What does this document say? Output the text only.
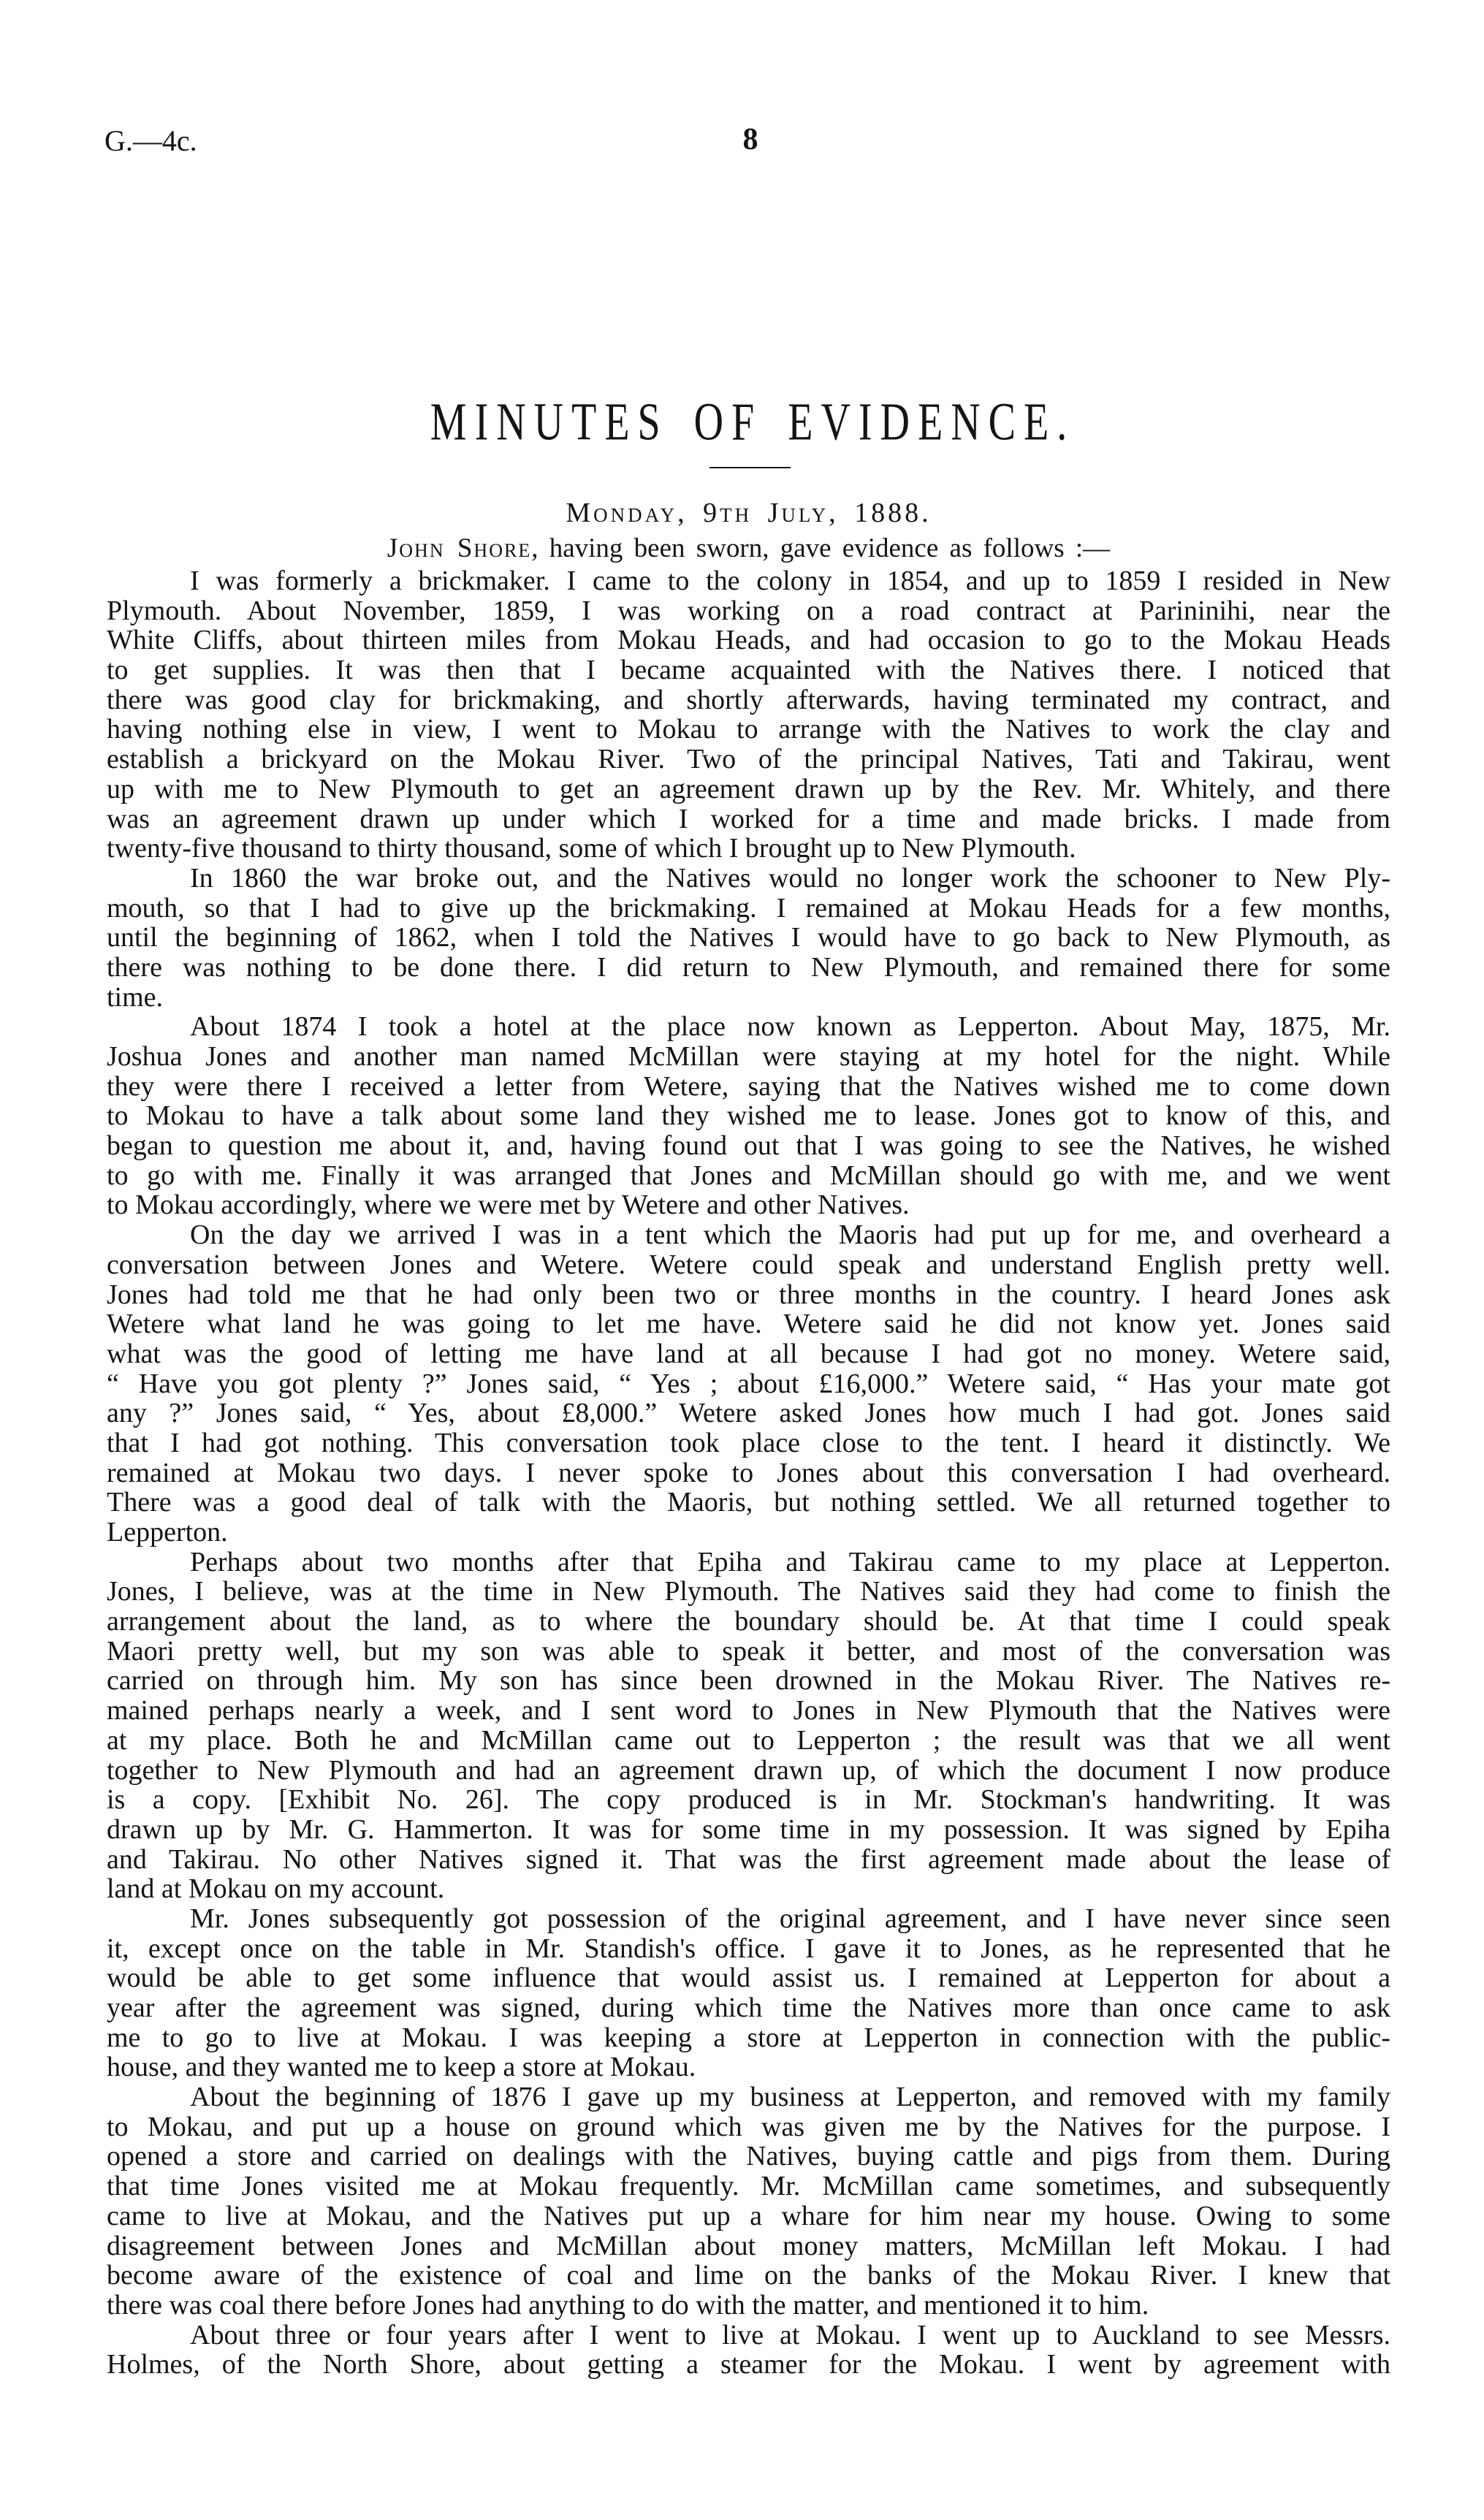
G.—4c.	8
MINUTES OF EVIDENCE.
Monday, 9th July, 1888.
John Shore, having been sworn, gave evidence as follows :—
I was formerly a brickmaker. I came to the colony in 1854, and up to 1859 I resided in New
Plymouth. About November, 1859, I was working on a road contract at Parininihi, near the
White Cliffs, about thirteen miles from Mokau Heads, and had occasion to go to the Mokau Heads
to get supplies. It was then that I became acquainted with the Natives there. I noticed that
there was good clay for brickmaking, and shortly afterwards, having terminated my contract, and
having nothing else in view, I went to Mokau to arrange with the Natives to work the clay and
establish a brickyard on the Mokau River. Two of the principal Natives, Tati and Takirau, went
up with me to New Plymouth to get an agreement drawn up by the Rev. Mr. Whitely, and there
was an agreement drawn up under which I worked for a time and made bricks. I made from
twenty-five thousand to thirty thousand, some of which I brought up to New Plymouth.
In 1860 the war broke out, and the Natives would no longer work the schooner to New Ply-
mouth, so that I had to give up the brickmaking. I remained at Mokau Heads for a few months,
until the beginning of 1862, when I told the Natives I would have to go back to New Plymouth, as
there was nothing to be done there. I did return to New Plymouth, and remained there for some
time.
About 1874 I took a hotel at the place now known as Lepperton. About May, 1875, Mr.
Joshua Jones and another man named McMillan were staying at my hotel for the night. While
they were there I received a letter from Wetere, saying that the Natives wished me to come down
to Mokau to have a talk about some land they wished me to lease. Jones got to know of this, and
began to question me about it, and, having found out that I was going to see the Natives, he wished
to go with me. Finally it was arranged that Jones and McMillan should go with me, and we went
to Mokau accordingly, where we were met by Wetere and other Natives.
On the day we arrived I was in a tent which the Maoris had put up for me, and overheard a
conversation between Jones and Wetere. Wetere could speak and understand English pretty well.
Jones had told me that he had only been two or three months in the country. I heard Jones ask
Wetere what land he was going to let me have. Wetere said he did not know yet. Jones said
what was the good of letting me have land at all because I had got no money. Wetere said,
“ Have you got plenty ?” Jones said, “ Yes ; about £16,000.” Wetere said, “ Has your mate got
any ?” Jones said, “ Yes, about £8,000.” Wetere asked Jones how much I had got. Jones said
that I had got nothing. This conversation took place close to the tent. I heard it distinctly. We
remained at Mokau two days. I never spoke to Jones about this conversation I had overheard.
There was a good deal of talk with the Maoris, but nothing settled. We all returned together to
Lepperton.
Perhaps about two months after that Epiha and Takirau came to my place at Lepperton.
Jones, I believe, was at the time in New Plymouth. The Natives said they had come to finish the
arrangement about the land, as to where the boundary should be. At that time I could speak
Maori pretty well, but my son was able to speak it better, and most of the conversation was
carried on through him. My son has since been drowned in the Mokau River. The Natives re-
mained perhaps nearly a week, and I sent word to Jones in New Plymouth that the Natives were
at my place. Both he and McMillan came out to Lepperton ; the result was that we all went
together to New Plymouth and had an agreement drawn up, of which the document I now produce
is a copy. [Exhibit No. 26]. The copy produced is in Mr. Stockman's handwriting. It was
drawn up by Mr. G. Hammerton. It was for some time in my possession. It was signed by Epiha
and Takirau. No other Natives signed it. That was the first agreement made about the lease of
land at Mokau on my account.
Mr. Jones subsequently got possession of the original agreement, and I have never since seen
it, except once on the table in Mr. Standish's office. I gave it to Jones, as he represented that he
would be able to get some influence that would assist us. I remained at Lepperton for about a
year after the agreement was signed, during which time the Natives more than once came to ask
me to go to live at Mokau. I was keeping a store at Lepperton in connection with the public-
house, and they wanted me to keep a store at Mokau.
About the beginning of 1876 I gave up my business at Lepperton, and removed with my family
to Mokau, and put up a house on ground which was given me by the Natives for the purpose. I
opened a store and carried on dealings with the Natives, buying cattle and pigs from them. During
that time Jones visited me at Mokau frequently. Mr. McMillan came sometimes, and subsequently
came to live at Mokau, and the Natives put up a whare for him near my house. Owing to some
disagreement between Jones and McMillan about money matters, McMillan left Mokau. I had
become aware of the existence of coal and lime on the banks of the Mokau River. I knew that
there was coal there before Jones had anything to do with the matter, and mentioned it to him.
About three or four years after I went to live at Mokau. I went up to Auckland to see Messrs.
Holmes, of the North Shore, about getting a steamer for the Mokau. I went by agreement with
